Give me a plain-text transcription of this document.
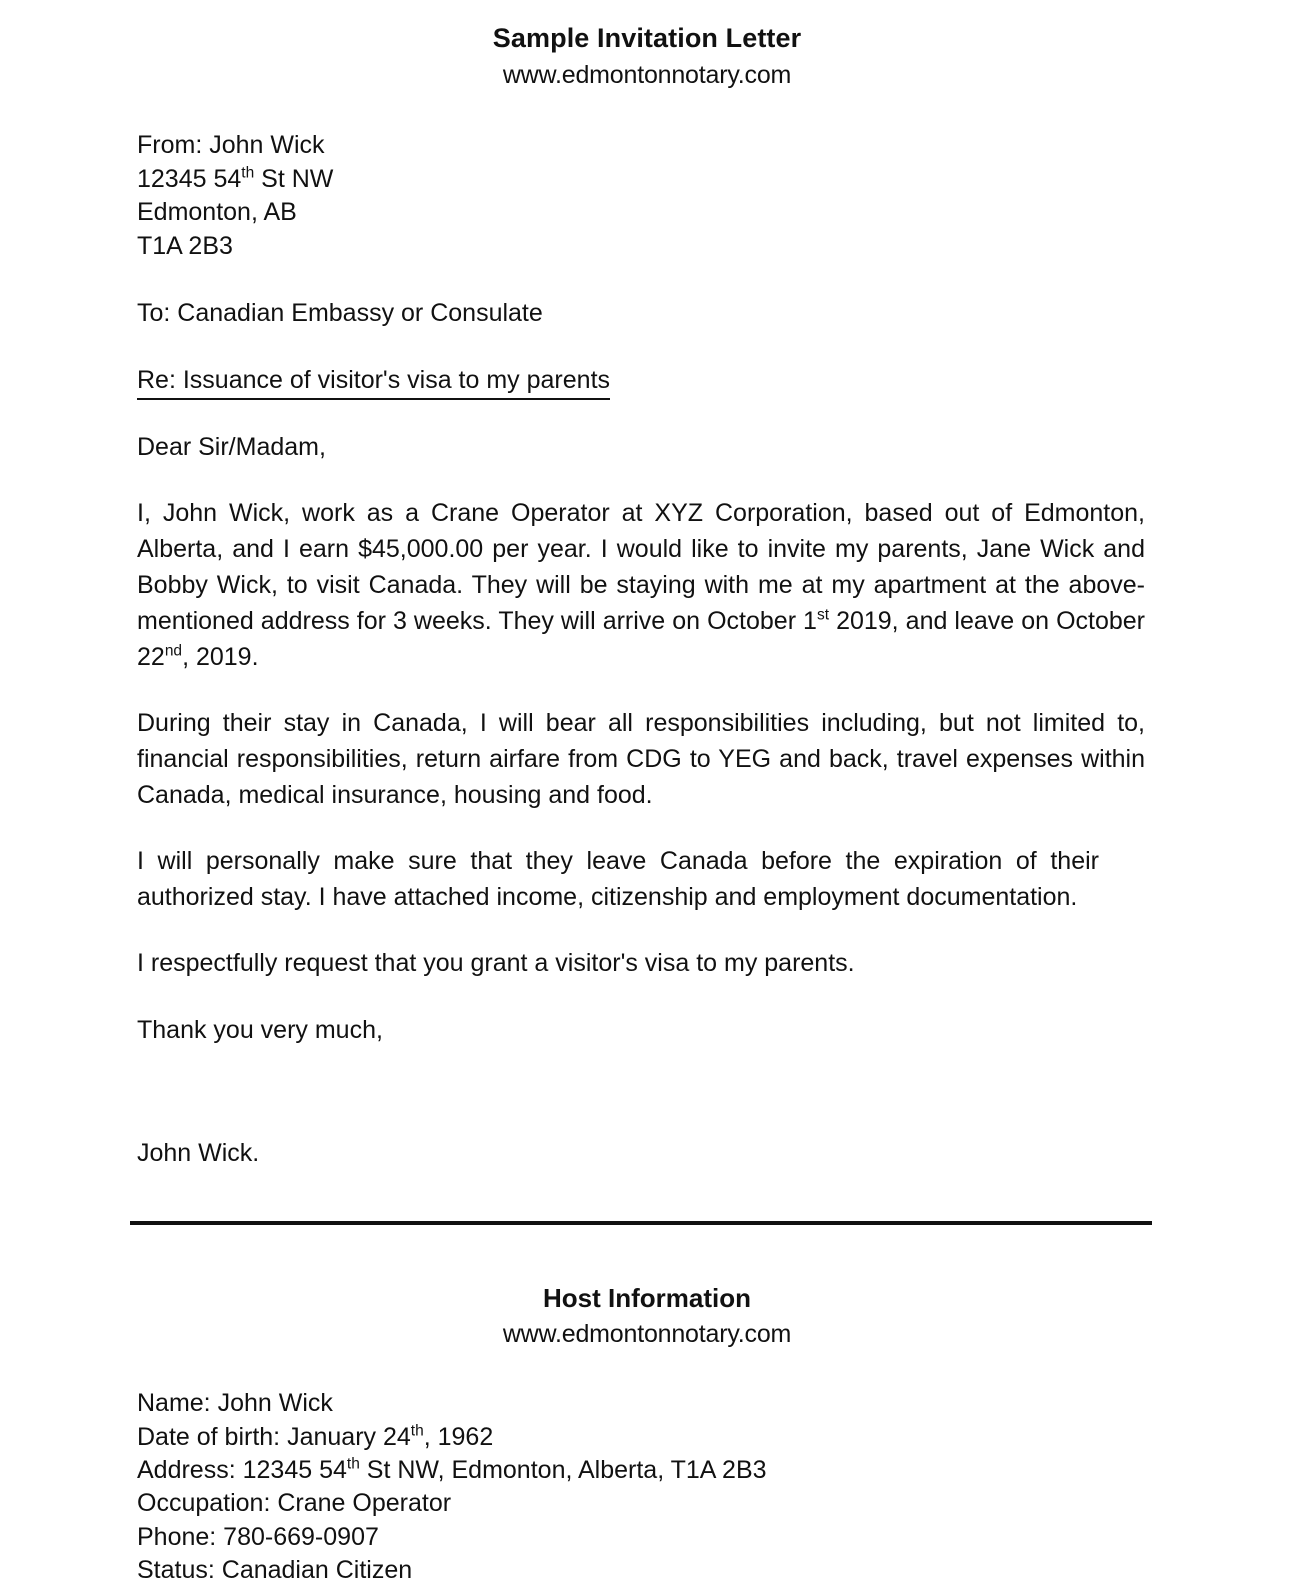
Sample Invitation Letter
www.edmontonnotary.com
From: John Wick
12345 54th St NW
Edmonton, AB
T1A 2B3
To: Canadian Embassy or Consulate
Re: Issuance of visitor's visa to my parents
Dear Sir/Madam,

I, John Wick, work as a Crane Operator at XYZ Corporation, based out of Edmonton, Alberta, and I earn $45,000.00 per year. I would like to invite my parents, Jane Wick and Bobby Wick, to visit Canada. They will be staying with me at my apartment at the above-mentioned address for 3 weeks. They will arrive on October 1st 2019, and leave on October 22nd, 2019.

During their stay in Canada, I will bear all responsibilities including, but not limited to, financial responsibilities, return airfare from CDG to YEG and back, travel expenses within Canada, medical insurance, housing and food.

I will personally make sure that they leave Canada before the expiration of their authorized stay. I have attached income, citizenship and employment documentation.

I respectfully request that you grant a visitor's visa to my parents.

Thank you very much,
John Wick.
Host Information
www.edmontonnotary.com
Name: John Wick
Date of birth: January 24th, 1962
Address: 12345 54th St NW, Edmonton, Alberta, T1A 2B3
Occupation: Crane Operator
Phone: 780-669-0907
Status: Canadian Citizen
